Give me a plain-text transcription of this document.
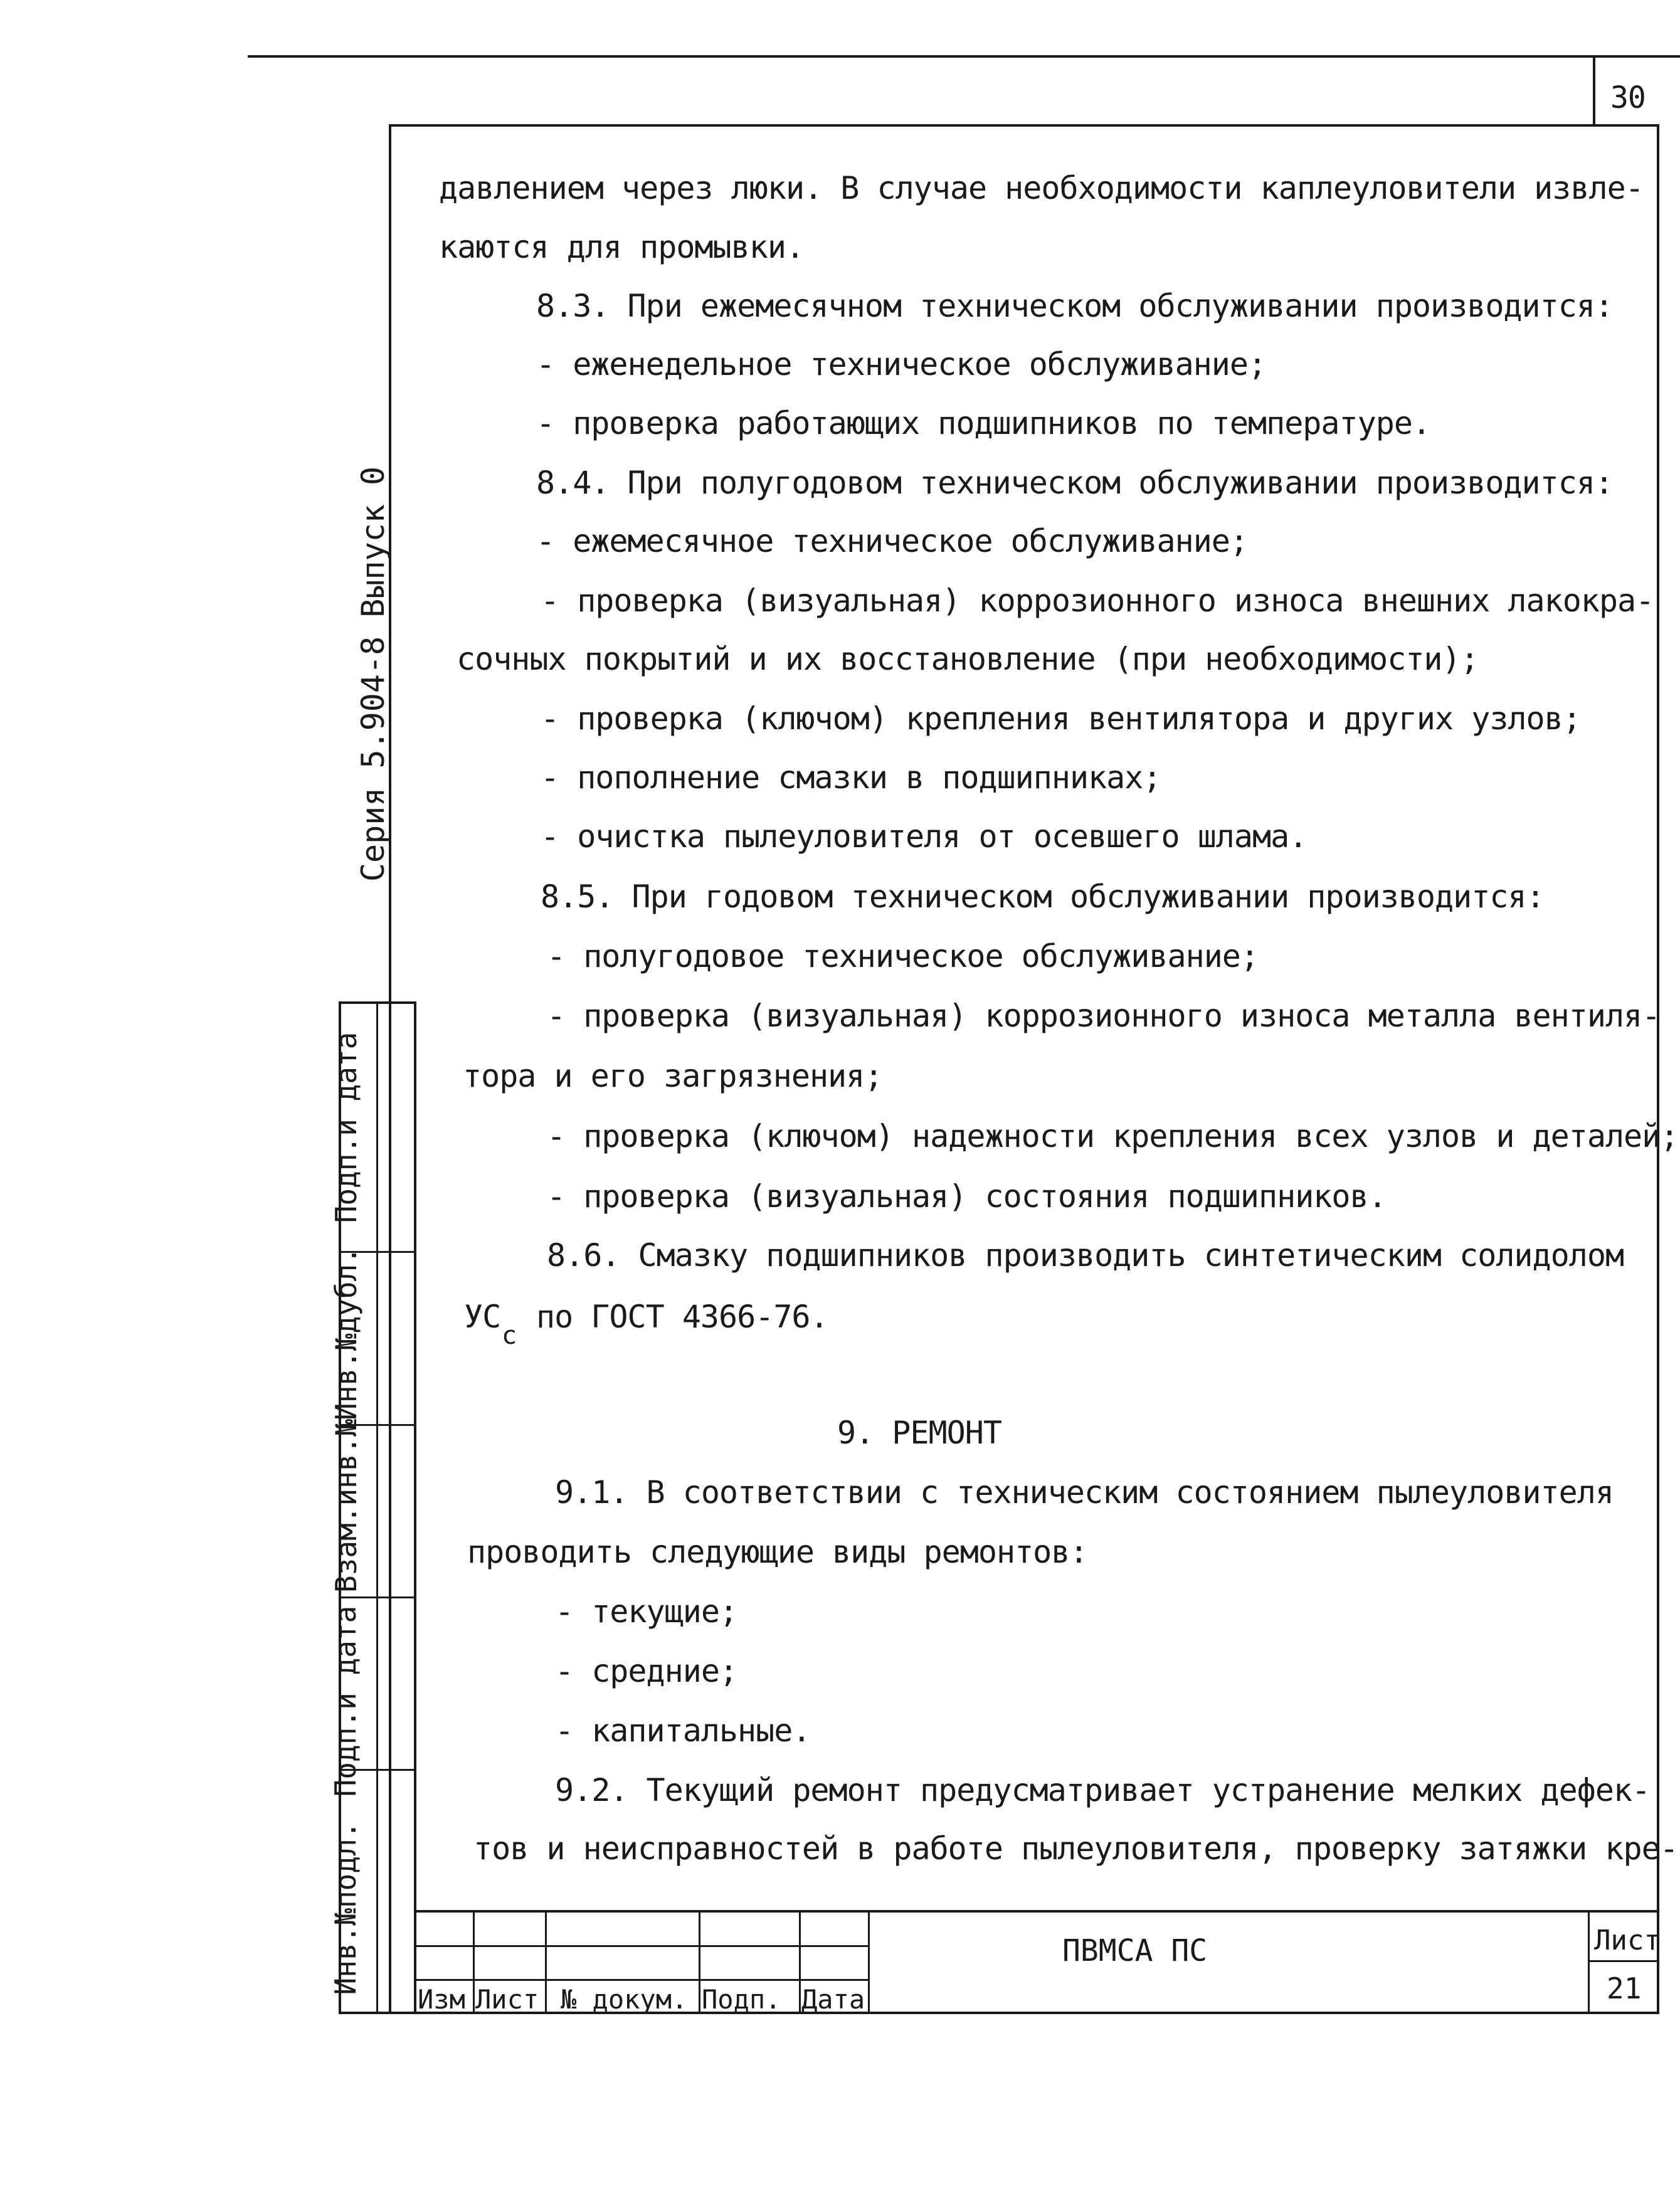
30
Серия 5.904-8 Выпуск 0
Инв.№подл.
Подп.и дата
Взам.инв.№
Инв.№дубл.
Подп.и дата
давлением через люки. В случае необходимости каплеуловители извле-
каются для промывки.
8.3. При ежемесячном техническом обслуживании производится:
- еженедельное техническое обслуживание;
- проверка работающих подшипников по температуре.
8.4. При полугодовом техническом обслуживании производится:
- ежемесячное техническое обслуживание;
- проверка (визуальная) коррозионного износа внешних лакокра-
сочных покрытий и их восстановление (при необходимости);
- проверка (ключом) крепления вентилятора и других узлов;
- пополнение смазки в подшипниках;
- очистка пылеуловителя от осевшего шлама.
8.5. При годовом техническом обслуживании производится:
- полугодовое техническое обслуживание;
- проверка (визуальная) коррозионного износа металла вентиля-
тора и его загрязнения;
- проверка (ключом) надежности крепления всех узлов и деталей;
- проверка (визуальная) состояния подшипников.
8.6. Смазку подшипников производить синтетическим солидолом
УС
с
по ГОСТ 4366-76.
9. РЕМОНТ
9.1. В соответствии с техническим состоянием пылеуловителя
проводить следующие виды ремонтов:
- текущие;
- средние;
- капитальные.
9.2. Текущий ремонт предусматривает устранение мелких дефек-
тов и неисправностей в работе пылеуловителя, проверку затяжки кре-
Изм Лист № докум. Подп. Дата
ПВМСА ПС	Лист
21
